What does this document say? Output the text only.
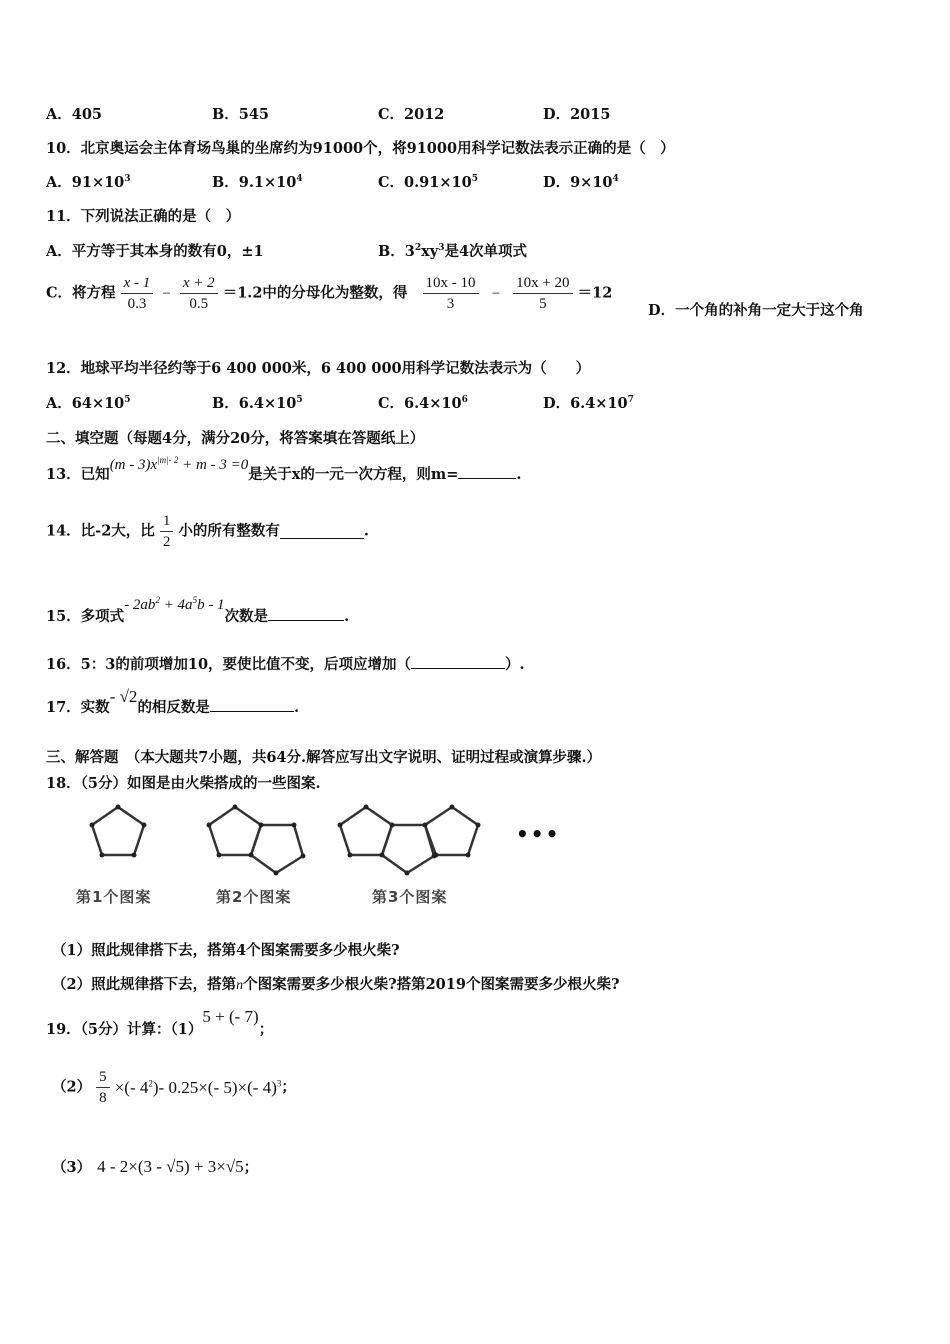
A．405	B．545	C．2012	D．2015
10．北京奥运会主体育场鸟巢的坐席约为91000个，将91000用科学记数法表示正确的是（　）
A．$91\times 10^3$	B．$9.1\times 10^4$	C．$0.91\times 10^5$	D．$9\times 10^4$
11．下列说法正确的是（　）
A．平方等于其本身的数有0，±1	B．$3^2xy^3$是4次单项式
C．将方程 $\frac{x - 1}{0.3} - \frac{x + 2}{0.5} =1.2$中的分母化为整数，得 $\frac{10x - 10}{3} - \frac{10x + 20}{5} =12$
D．一个角的补角一定大于这个角
12．地球平均半径约等于6 400 000米，6 400 000用科学记数法表示为（　　）
A．$64\times 10^5$	B．$6.4\times 10^5$	C．$6.4\times 10^6$	D．$6.4\times 10^7$
二、填空题（每题4分，满分20分，将答案填在答题纸上）
13．已知$(m - 3)x^{|m|- 2} + m - 3 =0$是关于x的一元一次方程，则m=	.
14．比-2大，比 $\frac{1}{2}$ 小的所有整数有	.
15．多项式- $2ab^2 + 4a^5b - 1$次数是	.
16．5：3的前项增加10，要使比值不变，后项应增加（	）.
17．实数- √2的相反数是	.
三、解答题　（本大题共7小题，共64分.解答应写出文字说明、证明过程或演算步骤.）
18．（5分）如图是由火柴搭成的一些图案.
•••
第1个图案	第2个图案	第3个图案
（1）照此规律搭下去，搭第4个图案需要多少根火柴?
（2）照此规律搭下去，搭第n个图案需要多少根火柴?搭第2019个图案需要多少根火柴?
19．（5分）计算：（1）5 + (- 7)；
$(2) \frac{5}{8}$ ×(- $4^2)-$ 0.25×(- 5)×(- 4)$^3$；
（3） 4 - 2×(3 - √5) + 3×√5；
